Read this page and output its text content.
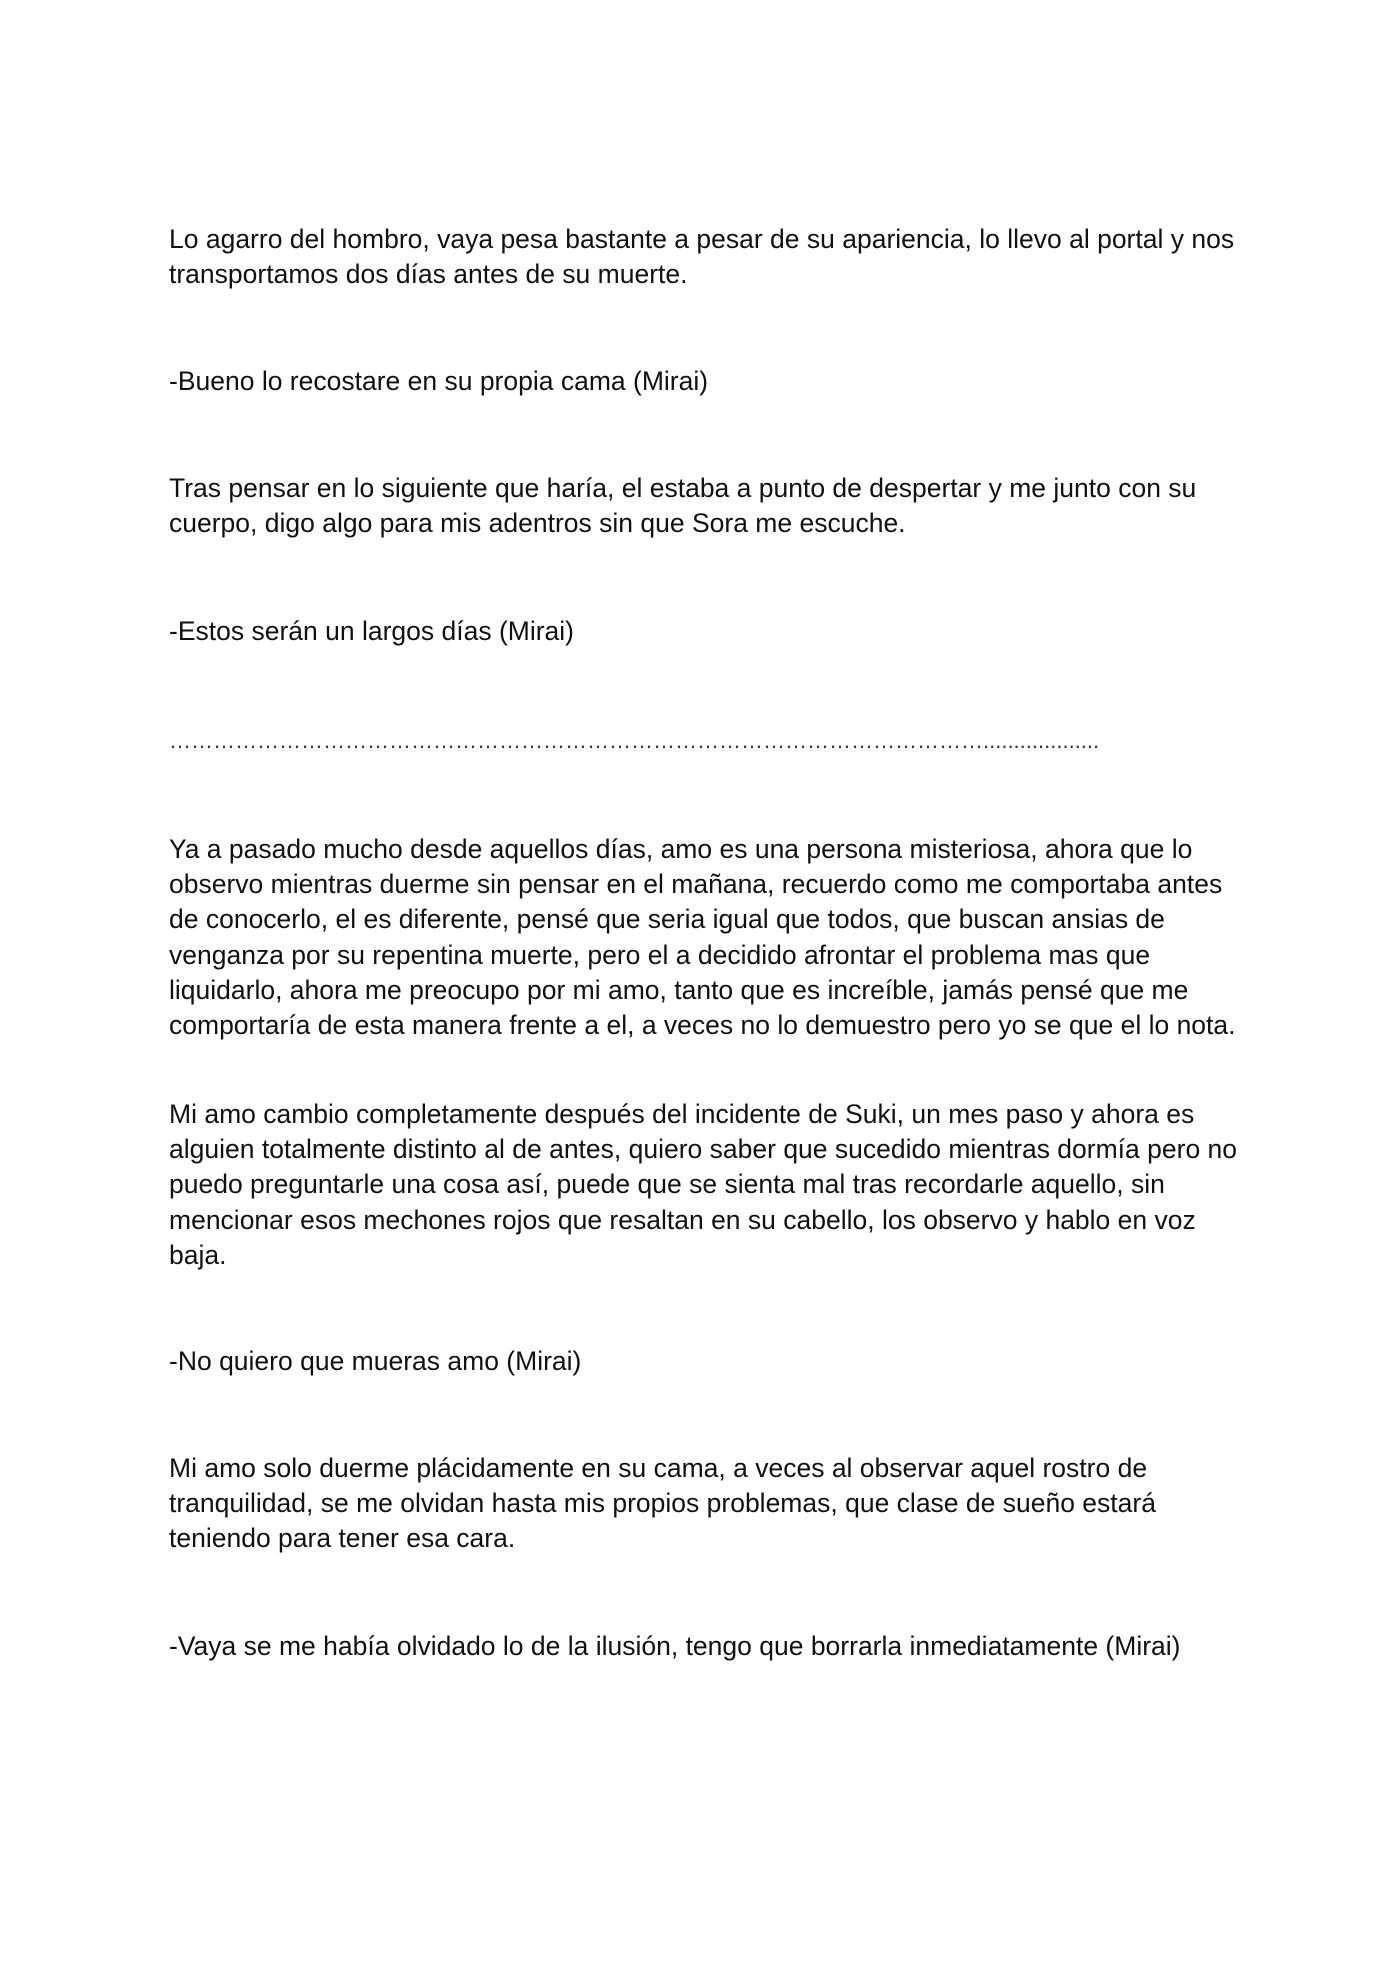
Lo agarro del hombro, vaya pesa bastante a pesar de su apariencia, lo llevo al portal y nos transportamos dos días antes de su muerte.

-Bueno lo recostare en su propia cama (Mirai)

Tras pensar en lo siguiente que haría, el estaba a punto de despertar y me junto con su cuerpo, digo algo para mis adentros sin que Sora me escuche.

-Estos serán un largos días (Mirai)

…………………………………………………………………………………………………...................

Ya a pasado mucho desde aquellos días, amo es una persona misteriosa, ahora que lo observo mientras duerme sin pensar en el mañana, recuerdo como me comportaba antes de conocerlo, el es diferente, pensé que seria igual que todos, que buscan ansias de venganza por su repentina muerte, pero el a decidido afrontar el problema mas que liquidarlo, ahora me preocupo por mi amo, tanto que es increíble, jamás pensé que me comportaría de esta manera frente a el, a veces no lo demuestro pero yo se que el lo nota.

Mi amo cambio completamente después del incidente de Suki, un mes paso y ahora es alguien totalmente distinto al de antes, quiero saber que sucedido mientras dormía pero no puedo preguntarle una cosa así, puede que se sienta mal tras recordarle aquello, sin mencionar esos mechones rojos que resaltan en su cabello, los observo y hablo en voz baja.

-No quiero que mueras amo (Mirai)

Mi amo solo duerme plácidamente en su cama, a veces al observar aquel rostro de tranquilidad, se me olvidan hasta mis propios problemas, que clase de sueño estará teniendo para tener esa cara.

-Vaya se me había olvidado lo de la ilusión, tengo que borrarla inmediatamente (Mirai)
